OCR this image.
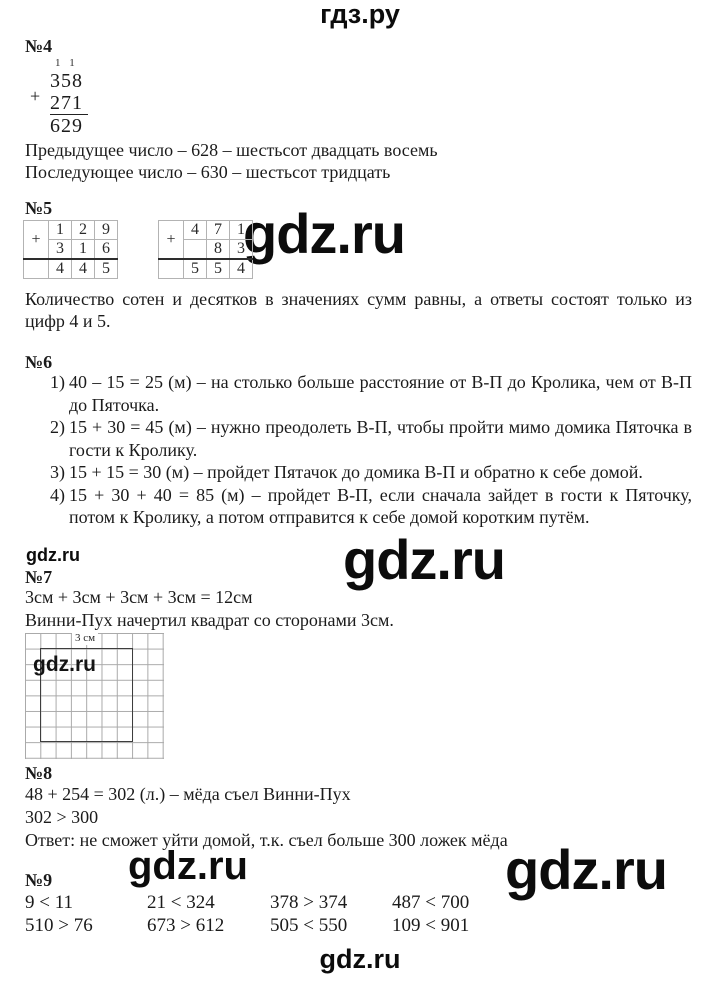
гдз.ру
gdz.ru
gdz.ru
gdz.ru
gdz.ru	gdz.ru
gdz.ru
№4
1 1
+
358
271
629
Предыдущее число – 628 – шестьсот двадцать восемь
Последующее число – 630 – шестьсот тридцать
№5
+	1	2	9
	3	1	6
	4	4	5
+	4	7	1
		8	3
	5	5	4
Количество сотен и десятков в значениях сумм равны, а ответы состоят только из цифр 4 и 5.
№6
1) 40 – 15 = 25 (м) – на столько больше расстояние от В-П до Кролика, чем от В-П до Пяточка.
2) 15 + 30 = 45 (м) – нужно преодолеть В-П, чтобы пройти мимо домика Пяточка в гости к Кролику.
3) 15 + 15 = 30 (м) – пройдет Пятачок до домика В-П и обратно к себе домой.
4) 15 + 30 + 40 = 85 (м) – пройдет В-П, если сначала зайдет в гости к Пяточку, потом к Кролику, а потом отправится к себе домой коротким путём.
№7
3см + 3см + 3см + 3см = 12см
Винни-Пух начертил квадрат со сторонами 3см.
3 см
gdz.ru
№8
48 + 254 = 302 (л.) – мёда съел Винни-Пух
302 > 300
Ответ: не сможет уйти домой, т.к. съел больше 300 ложек мёда
№9
9 < 11	21 < 324	378 > 374	487 < 700
510 > 76	673 > 612	505 < 550	109 < 901
